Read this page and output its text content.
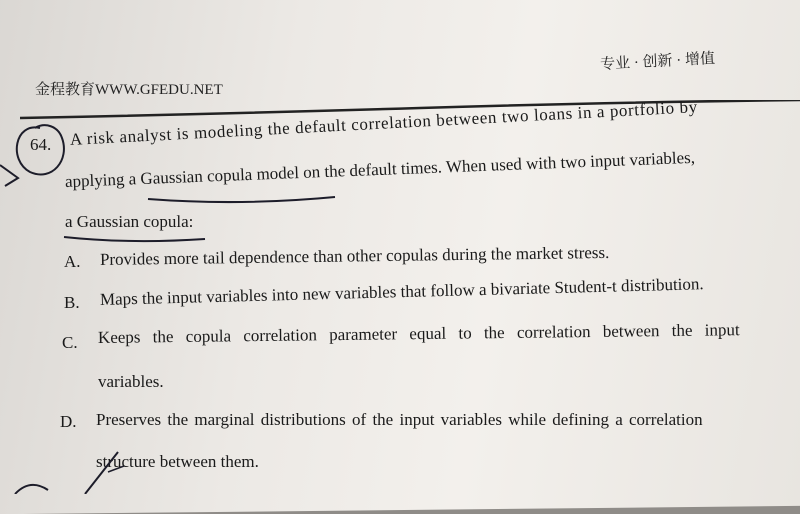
金程教育WWW.GFEDU.NET
专业 · 创新 · 增值
64. A risk analyst is modeling the default correlation between two loans in a portfolio by
applying a Gaussian copula model on the default times. When used with two input variables,
a Gaussian copula:
A. Provides more tail dependence than other copulas during the market stress.
B. Maps the input variables into new variables that follow a bivariate Student-t distribution.
C. Keeps the copula correlation parameter equal to the correlation between the input
variables.
D. Preserves the marginal distributions of the input variables while defining a correlation
structure between them.
